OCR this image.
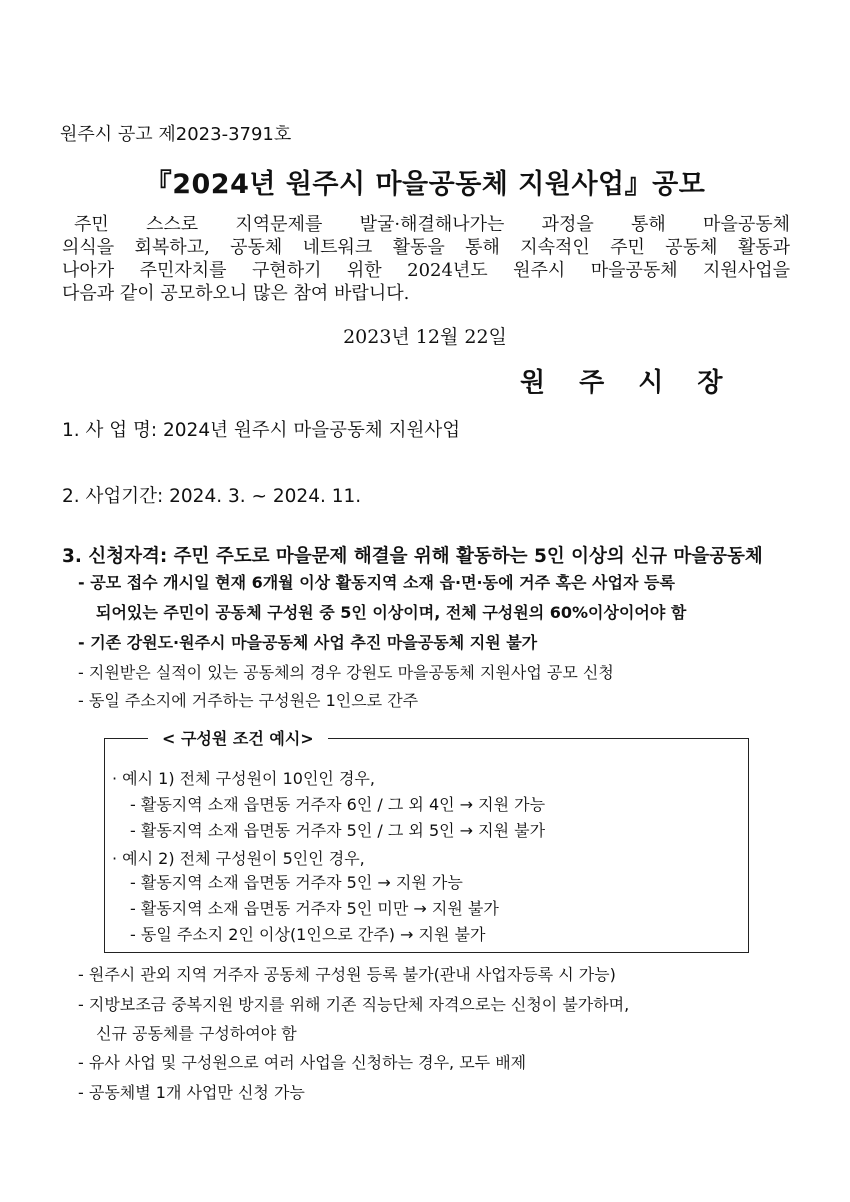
원주시 공고 제2023-3791호
『2024년 원주시 마을공동체 지원사업』공모
주민 스스로 지역문제를 발굴·해결해나가는 과정을 통해 마을공동체
의식을 회복하고, 공동체 네트워크 활동을 통해 지속적인 주민 공동체 활동과
나아가 주민자치를 구현하기 위한 2024년도 원주시 마을공동체 지원사업을
다음과 같이 공모하오니 많은 참여 바랍니다.
2023년 12월 22일
원주시장
1. 사 업 명: 2024년 원주시 마을공동체 지원사업
2. 사업기간: 2024. 3. ~ 2024. 11.
3. 신청자격: 주민 주도로 마을문제 해결을 위해 활동하는 5인 이상의 신규 마을공동체
- 공모 접수 개시일 현재 6개월 이상 활동지역 소재 읍·면·동에 거주 혹은 사업자 등록
되어있는 주민이 공동체 구성원 중 5인 이상이며, 전체 구성원의 60%이상이어야 함
- 기존 강원도·원주시 마을공동체 사업 추진 마을공동체 지원 불가
- 지원받은 실적이 있는 공동체의 경우 강원도 마을공동체 지원사업 공모 신청
- 동일 주소지에 거주하는 구성원은 1인으로 간주
< 구성원 조건 예시>
· 예시 1) 전체 구성원이 10인인 경우,
- 활동지역 소재 읍면동 거주자 6인 / 그 외 4인 → 지원 가능
- 활동지역 소재 읍면동 거주자 5인 / 그 외 5인 → 지원 불가
· 예시 2) 전체 구성원이 5인인 경우,
- 활동지역 소재 읍면동 거주자 5인 → 지원 가능
- 활동지역 소재 읍면동 거주자 5인 미만 → 지원 불가
- 동일 주소지 2인 이상(1인으로 간주) → 지원 불가
- 원주시 관외 지역 거주자 공동체 구성원 등록 불가(관내 사업자등록 시 가능)
- 지방보조금 중복지원 방지를 위해 기존 직능단체 자격으로는 신청이 불가하며,
신규 공동체를 구성하여야 함
- 유사 사업 및 구성원으로 여러 사업을 신청하는 경우, 모두 배제
- 공동체별 1개 사업만 신청 가능
